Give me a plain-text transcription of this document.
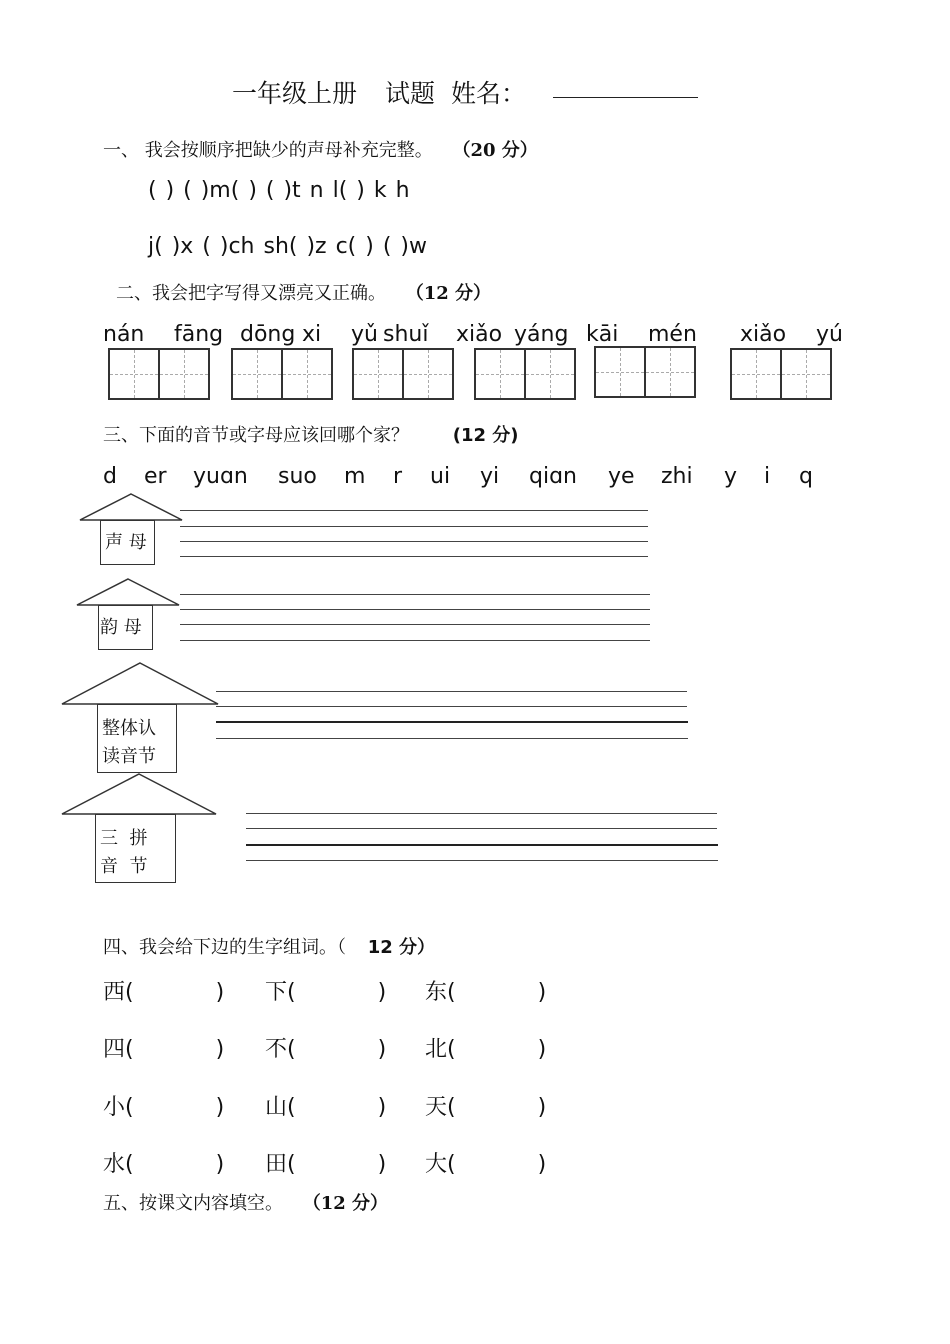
一年级上册 试题 姓名：
一、 我会按顺序把缺少的声母补充完整。 （20 分）
( ) ( )m( ) ( )t n l( ) k h
j( )x ( )ch sh( )z c( ) ( )w
二、我会把字写得又漂亮又正确。 （12 分）
nán fāng dōng xi yǔ shuǐ xiǎo yáng kāi mén xiǎo yú
三、下面的音节或字母应该回哪个家？ (12 分)
d er yuɑn suo m r ui yi qiɑn ye zhi y i q
声 母
韵 母
整体认
读音节
三  拼
音  节
四、我会给下边的生字组词。（ 12 分）
西(	) 下(	) 东(	)
四(	) 不(	) 北(	)
小(	) 山(	) 天(	)
水(	) 田(	) 大(	)
五、按课文内容填空。 （12 分）
